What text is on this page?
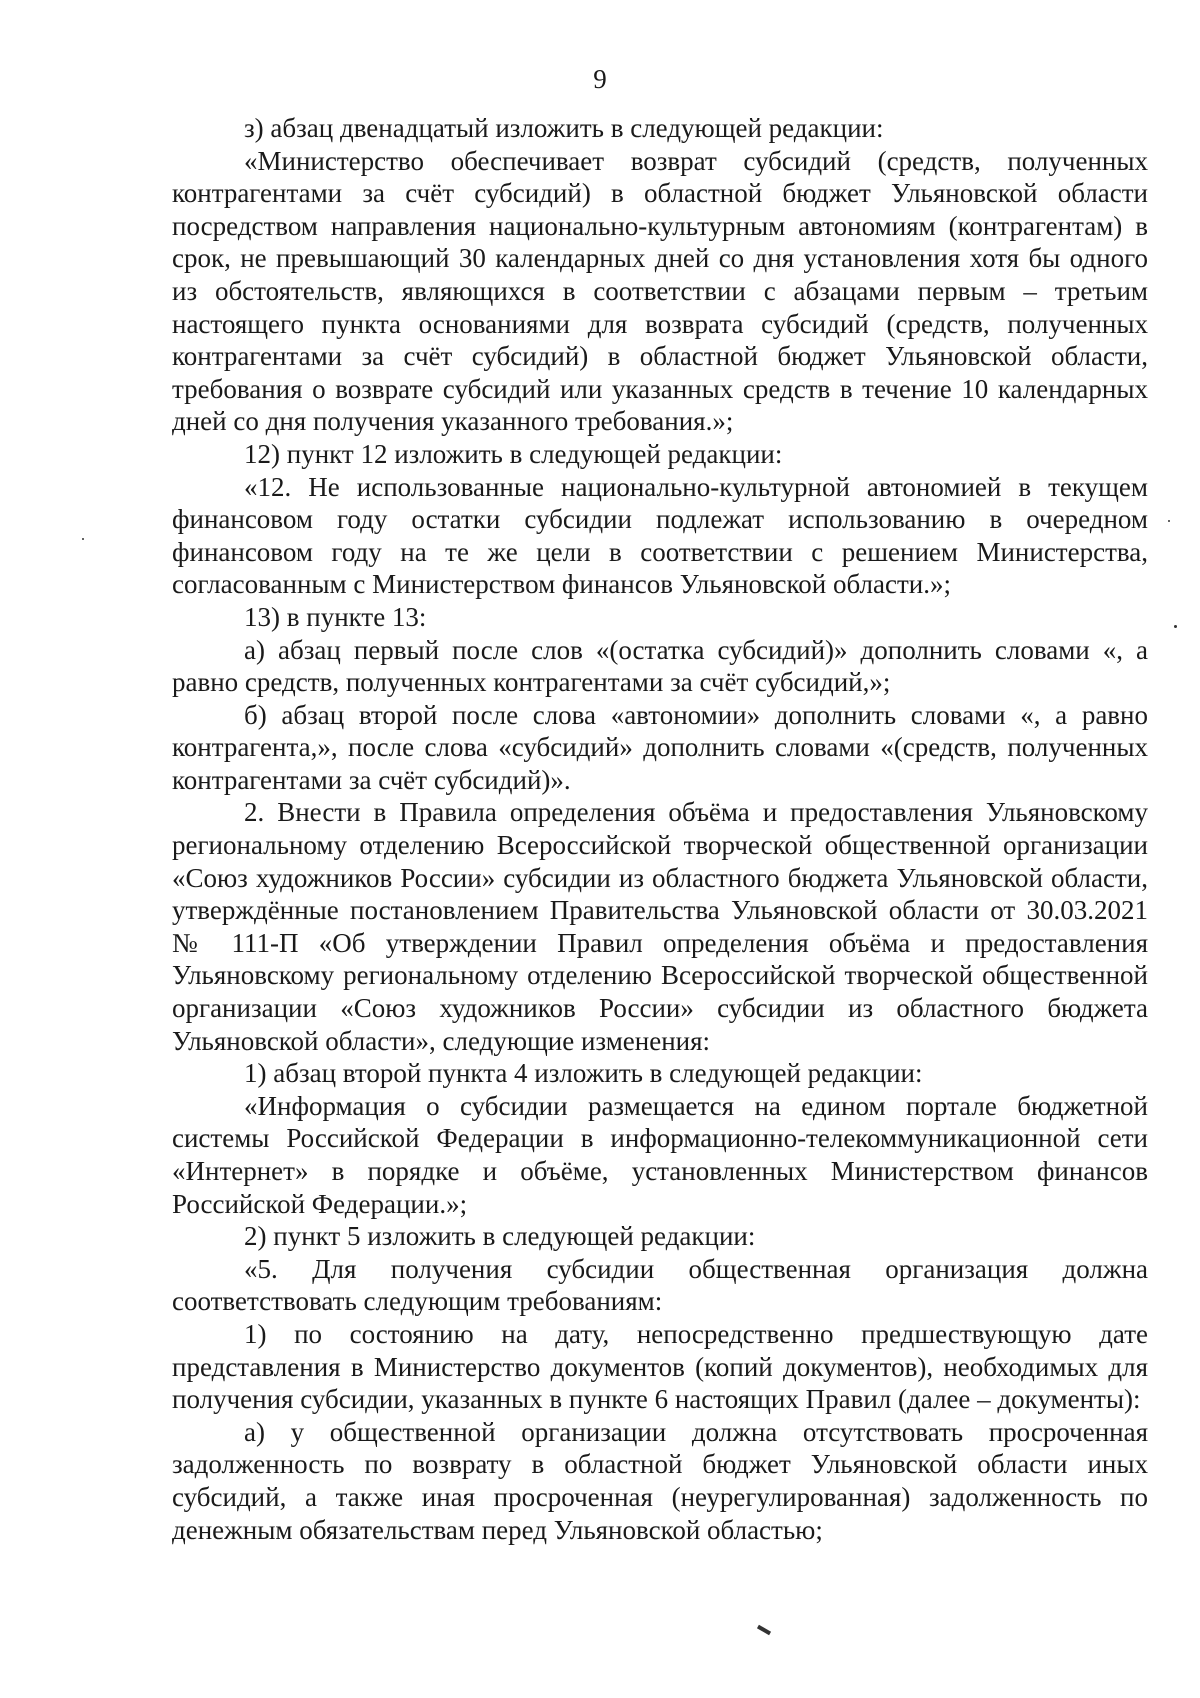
9

з) абзац двенадцатый изложить в следующей редакции:

«Министерство обеспечивает возврат субсидий (средств, полученных контрагентами за счёт субсидий) в областной бюджет Ульяновской области посредством направления национально-культурным автономиям (контрагентам) в срок, не превышающий 30 календарных дней со дня установления хотя бы одного из обстоятельств, являющихся в соответствии с абзацами первым – третьим настоящего пункта основаниями для возврата субсидий (средств, полученных контрагентами за счёт субсидий) в областной бюджет Ульяновской области, требования о возврате субсидий или указанных средств в течение 10 календарных дней со дня получения указанного требования.»;

12) пункт 12 изложить в следующей редакции:

«12. Не использованные национально-культурной автономией в текущем финансовом году остатки субсидии подлежат использованию в очередном финансовом году на те же цели в соответствии с решением Министерства, согласованным с Министерством финансов Ульяновской области.»;

13) в пункте 13:

а) абзац первый после слов «(остатка субсидий)» дополнить словами «, а равно средств, полученных контрагентами за счёт субсидий,»;

б) абзац второй после слова «автономии» дополнить словами «, а равно контрагента,», после слова «субсидий» дополнить словами «(средств, полученных контрагентами за счёт субсидий)».

2. Внести в Правила определения объёма и предоставления Ульяновскому региональному отделению Всероссийской творческой общественной организации «Союз художников России» субсидии из областного бюджета Ульяновской области, утверждённые постановлением Правительства Ульяновской области от 30.03.2021 № 111-П «Об утверждении Правил определения объёма и предоставления Ульяновскому региональному отделению Всероссийской творческой общественной организации «Союз художников России» субсидии из областного бюджета Ульяновской области», следующие изменения:

1) абзац второй пункта 4 изложить в следующей редакции:

«Информация о субсидии размещается на едином портале бюджетной системы Российской Федерации в информационно-телекоммуникационной сети «Интернет» в порядке и объёме, установленных Министерством финансов Российской Федерации.»;

2) пункт 5 изложить в следующей редакции:

«5. Для получения субсидии общественная организация должна соответствовать следующим требованиям:

1) по состоянию на дату, непосредственно предшествующую дате представления в Министерство документов (копий документов), необходимых для получения субсидии, указанных в пункте 6 настоящих Правил (далее – документы):

а) у общественной организации должна отсутствовать просроченная задолженность по возврату в областной бюджет Ульяновской области иных субсидий, а также иная просроченная (неурегулированная) задолженность по денежным обязательствам перед Ульяновской областью;
